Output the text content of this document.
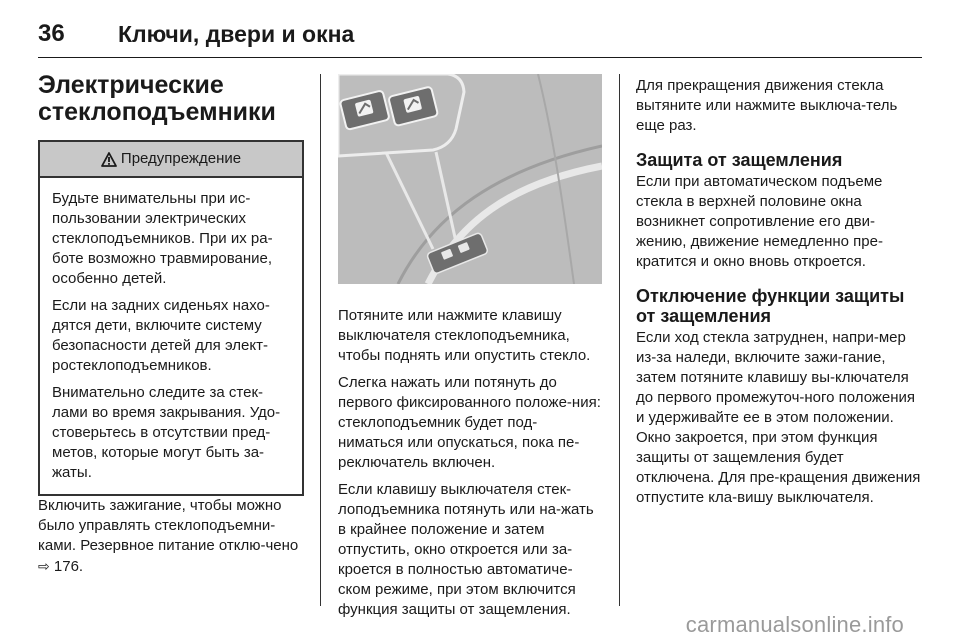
36	Ключи, двери и окна
Электрические
стеклоподъемники
Предупреждение

Будьте внимательны при ис-пользовании электрических стеклоподъемников. При их ра-боте возможно травмирование, особенно детей.

Если на задних сиденьях нахо-дятся дети, включите систему безопасности детей для элект-ростеклоподъемников.

Внимательно следите за стек-лами во время закрывания. Удо-стоверьтесь в отсутствии пред-метов, которые могут быть за-жаты.

Включить зажигание, чтобы можно было управлять стеклоподъемни-ками. Резервное питание отклю-чено ⇨ 176.

Потяните или нажмите клавишу выключателя стеклоподъемника, чтобы поднять или опустить стекло.

Слегка нажать или потянуть до первого фиксированного положе-ния: стеклоподъемник будет под-ниматься или опускаться, пока пе-реключатель включен.

Если клавишу выключателя стек-лоподъемника потянуть или на-жать в крайнее положение и затем отпустить, окно откроется или за-кроется в полностью автоматиче-ском режиме, при этом включится функция защиты от защемления.

Для прекращения движения стекла вытяните или нажмите выключа-тель еще раз.

Защита от защемления

Если при автоматическом подъеме стекла в верхней половине окна возникнет сопротивление его дви-жению, движение немедленно пре-кратится и окно вновь откроется.

Отключение функции защиты от защемления

Если ход стекла затруднен, напри-мер из-за наледи, включите зажи-гание, затем потяните клавишу вы-ключателя до первого промежуточ-ного положения и удерживайте ее в этом положении. Окно закроется, при этом функция защиты от защемления будет отключена. Для пре-кращения движения отпустите кла-вишу выключателя.

carmanualsonline.info
